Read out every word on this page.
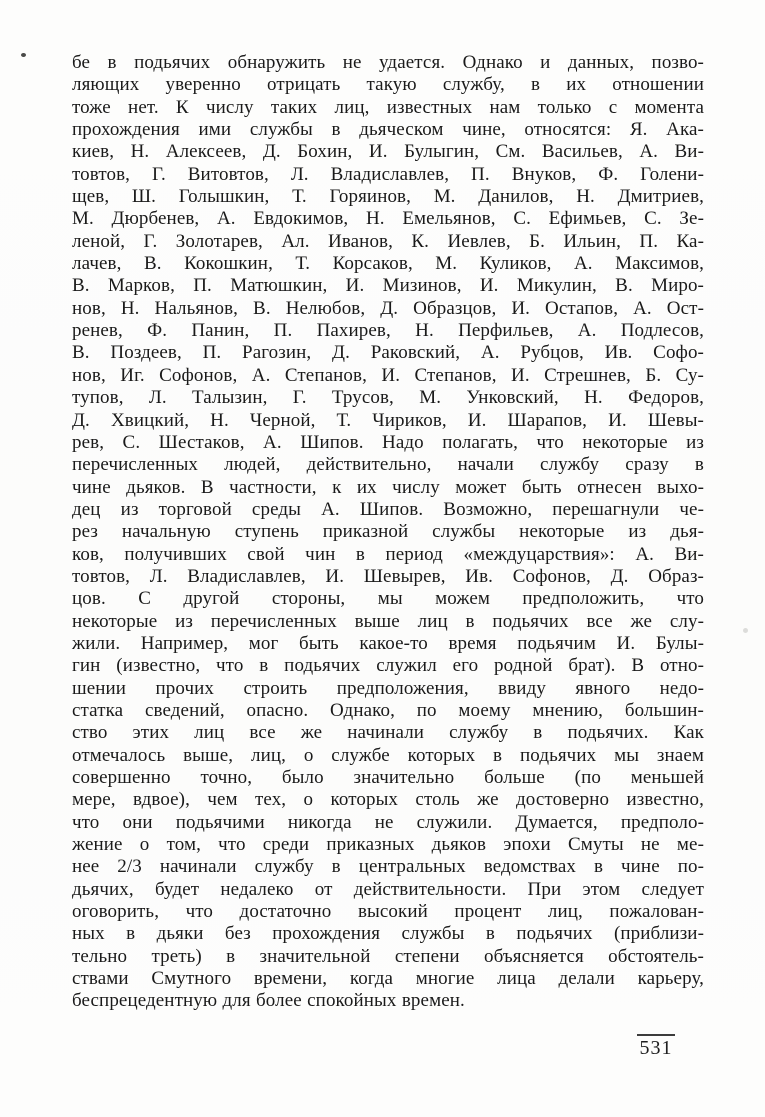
бе в подьячих обнаружить не удается. Однако и данных, позво-
ляющих уверенно отрицать такую службу, в их отношении
тоже нет. К числу таких лиц, известных нам только с момента
прохождения ими службы в дьяческом чине, относятся: Я. Ака-
киев, Н. Алексеев, Д. Бохин, И. Булыгин, См. Васильев, А. Ви-
товтов, Г. Витовтов, Л. Владиславлев, П. Внуков, Ф. Голени-
щев, Ш. Голышкин, Т. Горяинов, М. Данилов, Н. Дмитриев,
М. Дюрбенев, А. Евдокимов, Н. Емельянов, С. Ефимьев, С. Зе-
леной, Г. Золотарев, Ал. Иванов, К. Иевлев, Б. Ильин, П. Ка-
лачев, В. Кокошкин, Т. Корсаков, М. Куликов, А. Максимов,
В. Марков, П. Матюшкин, И. Мизинов, И. Микулин, В. Миро-
нов, Н. Нальянов, В. Нелюбов, Д. Образцов, И. Остапов, А. Ост-
ренев, Ф. Панин, П. Пахирев, Н. Перфильев, А. Подлесов,
В. Поздеев, П. Рагозин, Д. Раковский, А. Рубцов, Ив. Софо-
нов, Иг. Софонов, А. Степанов, И. Степанов, И. Стрешнев, Б. Су-
тупов, Л. Талызин, Г. Трусов, М. Унковский, Н. Федоров,
Д. Хвицкий, Н. Черной, Т. Чириков, И. Шарапов, И. Шевы-
рев, С. Шестаков, А. Шипов. Надо полагать, что некоторые из
перечисленных людей, действительно, начали службу сразу в
чине дьяков. В частности, к их числу может быть отнесен выхо-
дец из торговой среды А. Шипов. Возможно, перешагнули че-
рез начальную ступень приказной службы некоторые из дья-
ков, получивших свой чин в период «междуцарствия»: А. Ви-
товтов, Л. Владиславлев, И. Шевырев, Ив. Софонов, Д. Образ-
цов. С другой стороны, мы можем предположить, что
некоторые из перечисленных выше лиц в подьячих все же слу-
жили. Например, мог быть какое-то время подьячим И. Булы-
гин (известно, что в подьячих служил его родной брат). В отно-
шении прочих строить предположения, ввиду явного недо-
статка сведений, опасно. Однако, по моему мнению, большин-
ство этих лиц все же начинали службу в подьячих. Как
отмечалось выше, лиц, о службе которых в подьячих мы знаем
совершенно точно, было значительно больше (по меньшей
мере, вдвое), чем тех, о которых столь же достоверно известно,
что они подьячими никогда не служили. Думается, предполо-
жение о том, что среди приказных дьяков эпохи Смуты не ме-
нее 2/3 начинали службу в центральных ведомствах в чине по-
дьячих, будет недалеко от действительности. При этом следует
оговорить, что достаточно высокий процент лиц, пожалован-
ных в дьяки без прохождения службы в подьячих (приблизи-
тельно треть) в значительной степени объясняется обстоятель-
ствами Смутного времени, когда многие лица делали карьеру,
беспрецедентную для более спокойных времен.
531
